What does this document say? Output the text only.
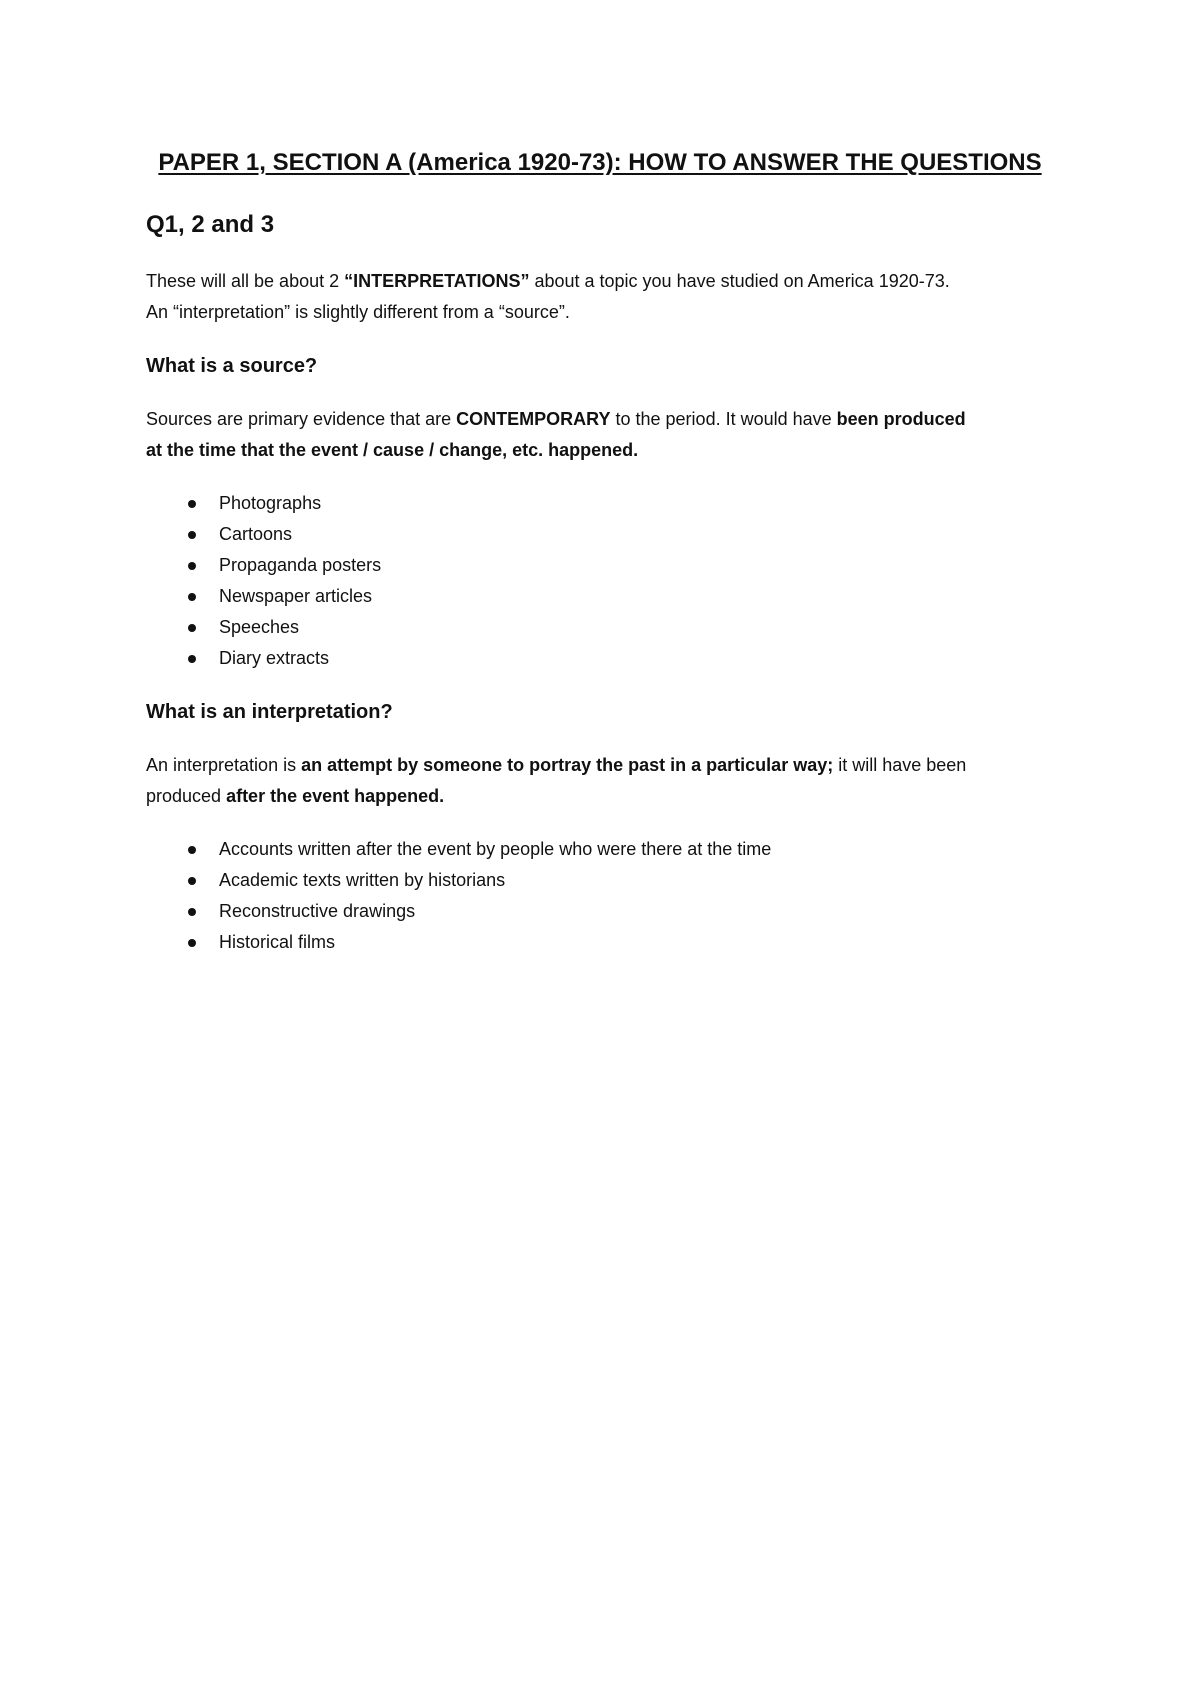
PAPER 1, SECTION A (America 1920-73): HOW TO ANSWER THE QUESTIONS
Q1, 2 and 3

These will all be about 2 “INTERPRETATIONS” about a topic you have studied on America 1920-73.
An “interpretation” is slightly different from a “source”.

What is a source?

Sources are primary evidence that are CONTEMPORARY to the period. It would have been produced
at the time that the event / cause / change, etc. happened.

Photographs
Cartoons
Propaganda posters
Newspaper articles
Speeches
Diary extracts
What is an interpretation?

An interpretation is an attempt by someone to portray the past in a particular way; it will have been
produced after the event happened.

Accounts written after the event by people who were there at the time
Academic texts written by historians
Reconstructive drawings
Historical films
